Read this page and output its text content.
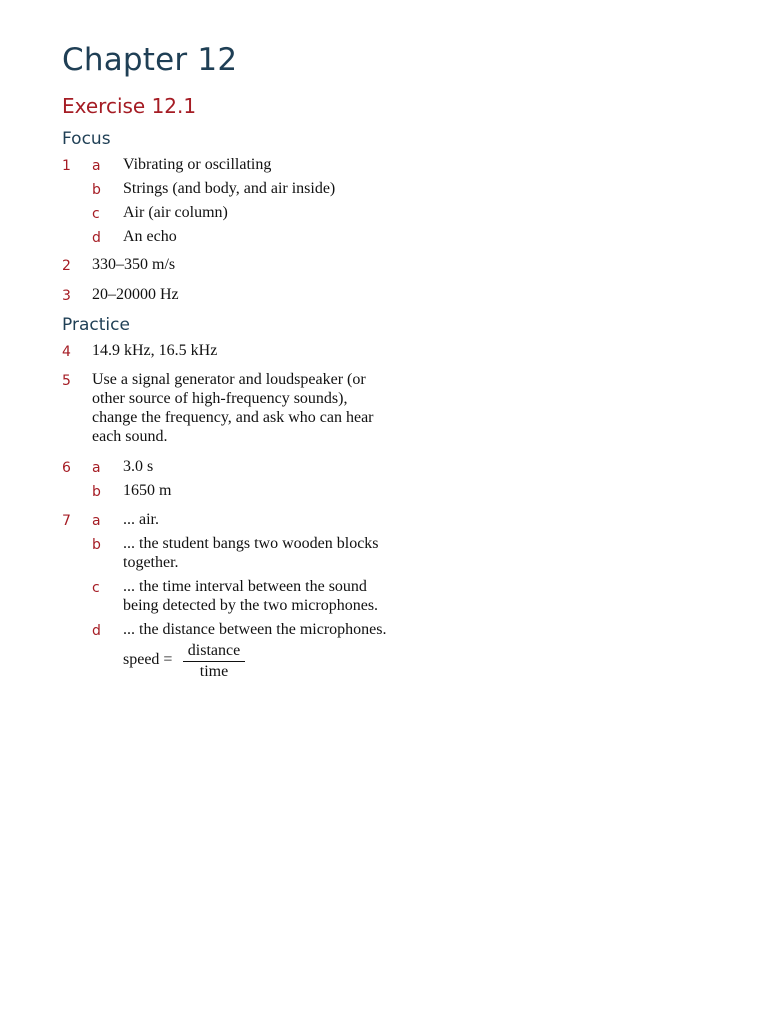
Chapter 12
Exercise 12.1
Focus
1 a Vibrating or oscillating
b Strings (and body, and air inside)
c Air (air column)
d An echo
2 330–350 m/s
3 20–20000 Hz
Practice
4 14.9 kHz, 16.5 kHz
5 Use a signal generator and loudspeaker (or
other source of high-frequency sounds),
change the frequency, and ask who can hear
each sound.
6 a 3.0 s
b 1650 m
7 a ... air.
b ... the student bangs two wooden blocks
together.
c ... the time interval between the sound
being detected by the two microphones.
d ... the distance between the microphones.
speed =
distance
time
